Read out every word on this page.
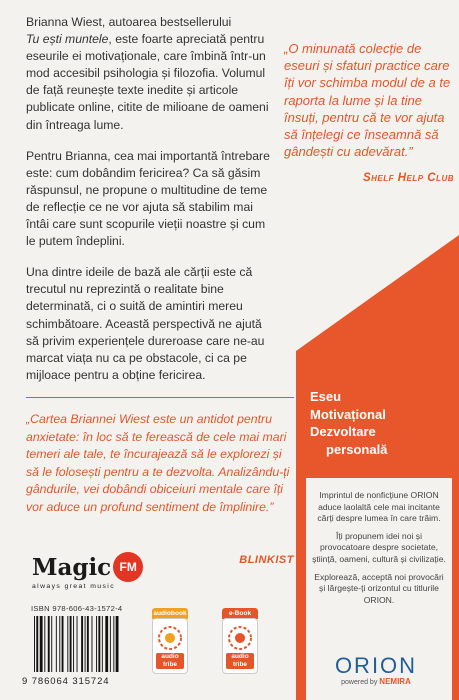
Brianna Wiest, autoarea bestsellerului
Tu ești muntele, este foarte apreciată pentru eseurile ei motivaționale, care îmbină într-un mod accesibil psihologia și filozofia. Volumul de față reunește texte inedite și articole publicate online, citite de milioane de oameni din întreaga lume.

Pentru Brianna, cea mai importantă întrebare este: cum dobândim fericirea? Ca să găsim răspunsul, ne propune o multitudine de teme de reflecție ce ne vor ajuta să stabilim mai întâi care sunt scopurile vieții noastre și cum le putem îndeplini.

Una dintre ideile de bază ale cărții este că trecutul nu reprezintă o realitate bine determinată, ci o suită de amintiri mereu schimbătoare. Această perspectivă ne ajută să privim experiențele dureroase care ne-au marcat viața nu ca pe obstacole, ci ca pe mijloace pentru a obține fericirea.

„O minunată colecție de eseuri și sfaturi practice care îți vor schimba modul de a te raporta la lume și la tine însuți, pentru că te vor ajuta să înțelegi ce înseamnă să gândești cu adevărat.”
Shelf Help Club
„Cartea Briannei Wiest este un antidot pentru anxietate: în loc să te ferească de cele mai mari temeri ale tale, te încurajează să le explorezi și să le folosești pentru a te dezvolta. Analizându-ți gândurile, vei dobândi obiceiuri mentale care îți vor aduce un profund sentiment de împlinire.”
BLINKIST
Eseu
Motivațional
Dezvoltare
personală

Imprintul de nonficțiune ORION aduce laolaltă cele mai incitante cărți despre lumea în care trăim.

Îți propunem idei noi și provocatoare despre societate, știință, oameni, cultură și civilizație.

Explorează, acceptă noi provocări și lărgește-ți orizontul cu titlurile ORION.

ORION
powered by NEMIRA
Magic FM
always great music
ISBN 978-606-43-1572-4
9 786064 315724
audiobook
audio tribe
e-Book
audio tribe
